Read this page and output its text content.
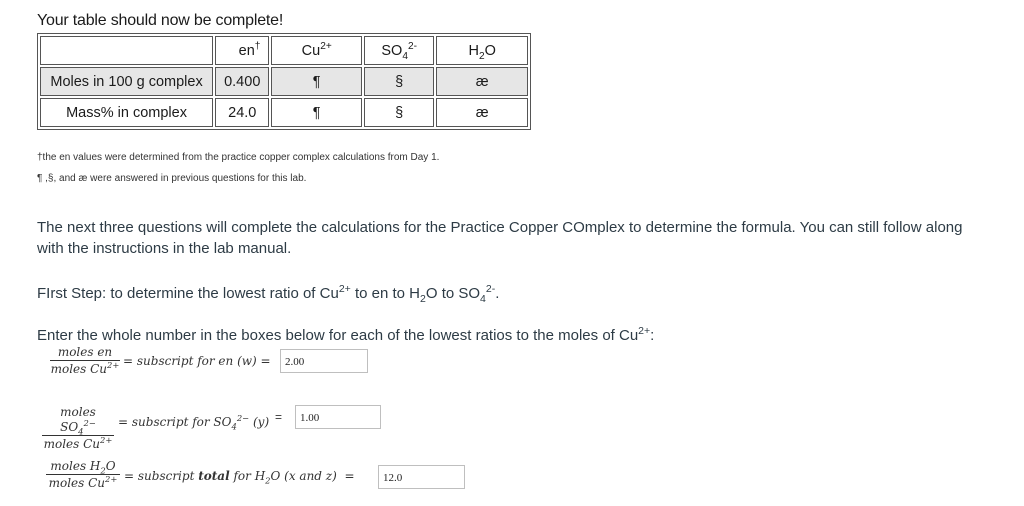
Your table should now be complete!
	en†	$Cu^{2+}$	$SO_4^{2-}$	$H_2O$
Moles in 100 g complex	0.400	¶	§	æ
Mass% in complex	24.0	¶	§	æ
†the en values were determined from the practice copper complex calculations from Day 1.
¶ ,§, and æ were answered in previous questions for this lab.
The next three questions will complete the calculations for the Practice Copper COmplex to determine the formula. You can still follow along with the instructions in the lab manual.
FIrst Step: to determine the lowest ratio of $Cu^{2+}$ to en to $H_2O$ to $SO_4^{2-}$.
Enter the whole number in the boxes below for each of the lowest ratios to the moles of $Cu^{2+}$:
moles en
moles $Cu^{2+}$ = subscript for en (w) =	2.00
moles $SO_4^{2-}$
moles $Cu^{2+}$
= subscript for $SO_4^{2-}$ (y) =	1.00
moles $H_2O$
moles $Cu^{2+}$ = subscript total for $H_2O$ (x and z)  =	12.0
